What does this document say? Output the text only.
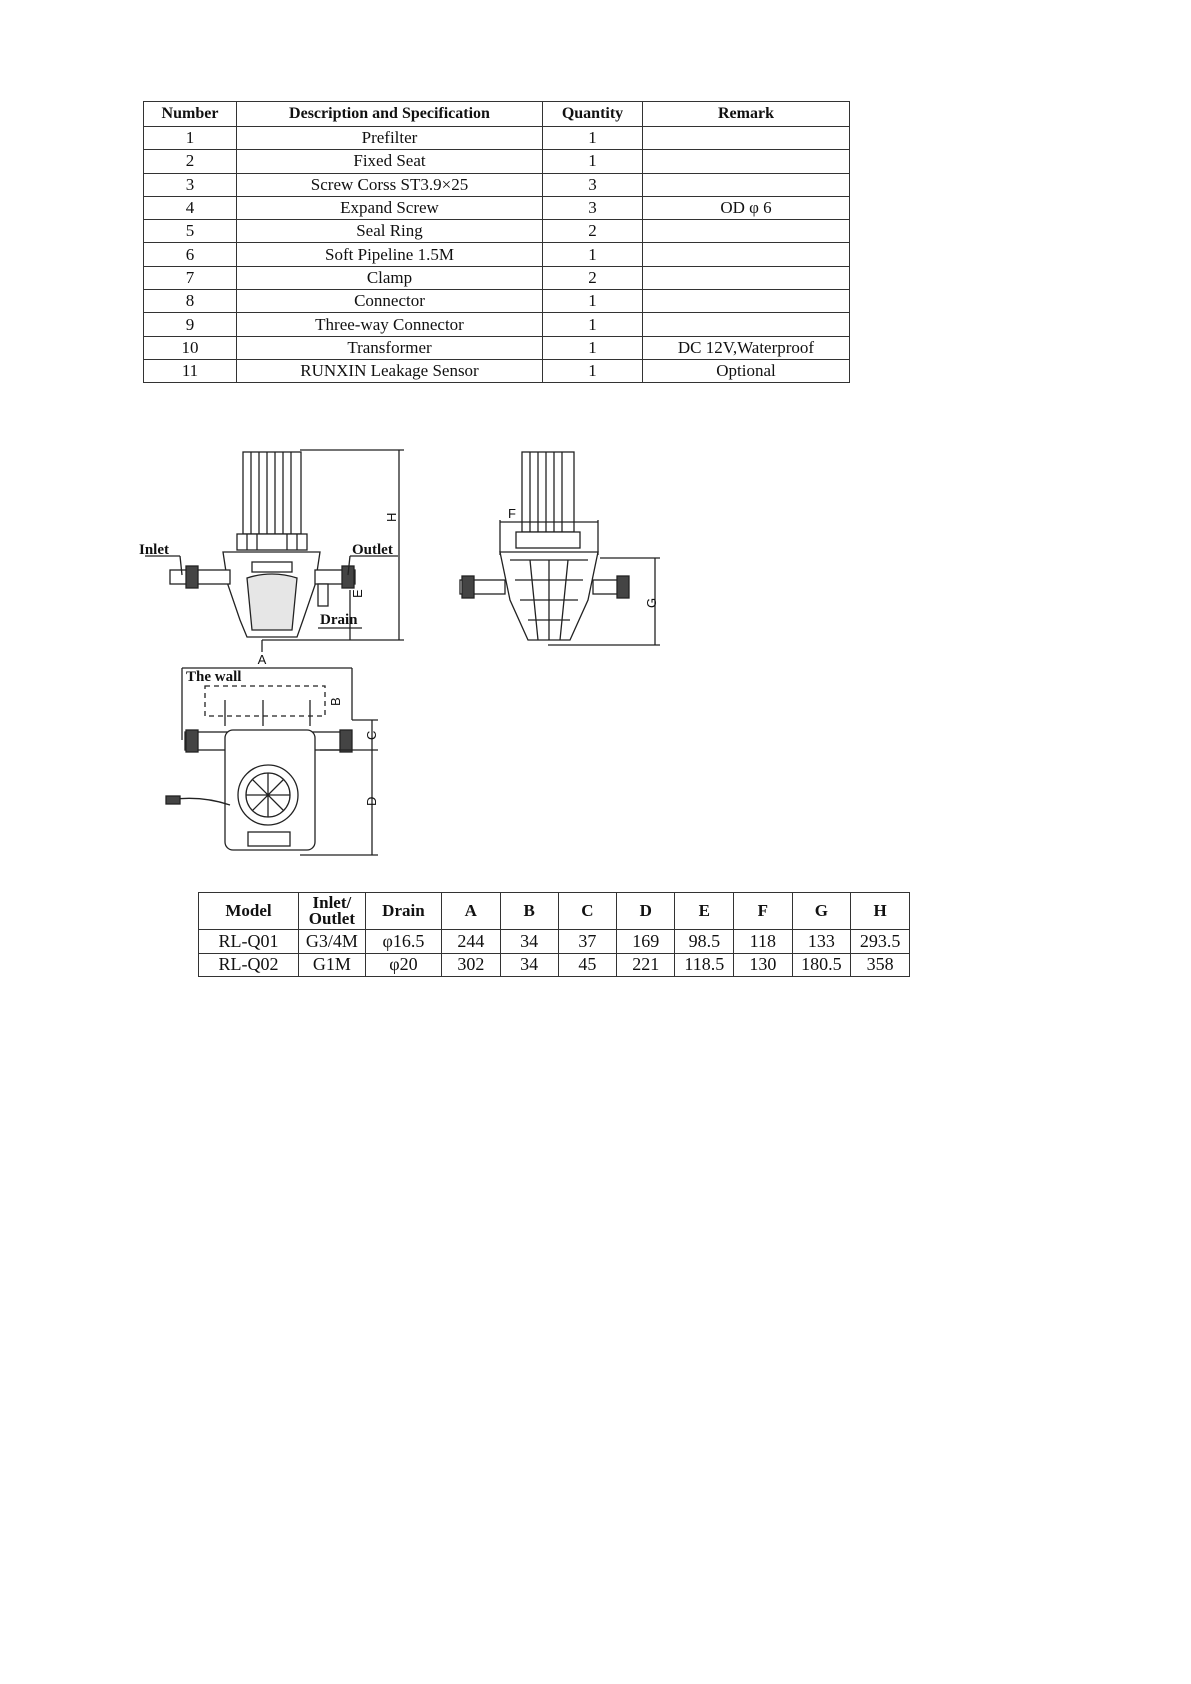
Number	Description and Specification	Quantity	Remark
1	Prefilter	1	
2	Fixed Seat	1	
3	Screw Corss ST3.9×25	3	
4	Expand Screw	3	OD φ 6
5	Seal Ring	2	
6	Soft Pipeline 1.5M	1	
7	Clamp	2	
8	Connector	1	
9	Three-way Connector	1	
10	Transformer	1	DC 12V,Waterproof
11	RUNXIN Leakage Sensor	1	Optional
Inlet	Outlet
Drain
The wall
A
B
C
D
E
F
G
H
Model	Inlet/ Outlet	Drain	A	B	C	D	E	F	G	H
RL-Q01	G3/4M	φ16.5	244	34	37	169	98.5	118	133	293.5
RL-Q02	G1M	φ20	302	34	45	221	118.5	130	180.5	358
